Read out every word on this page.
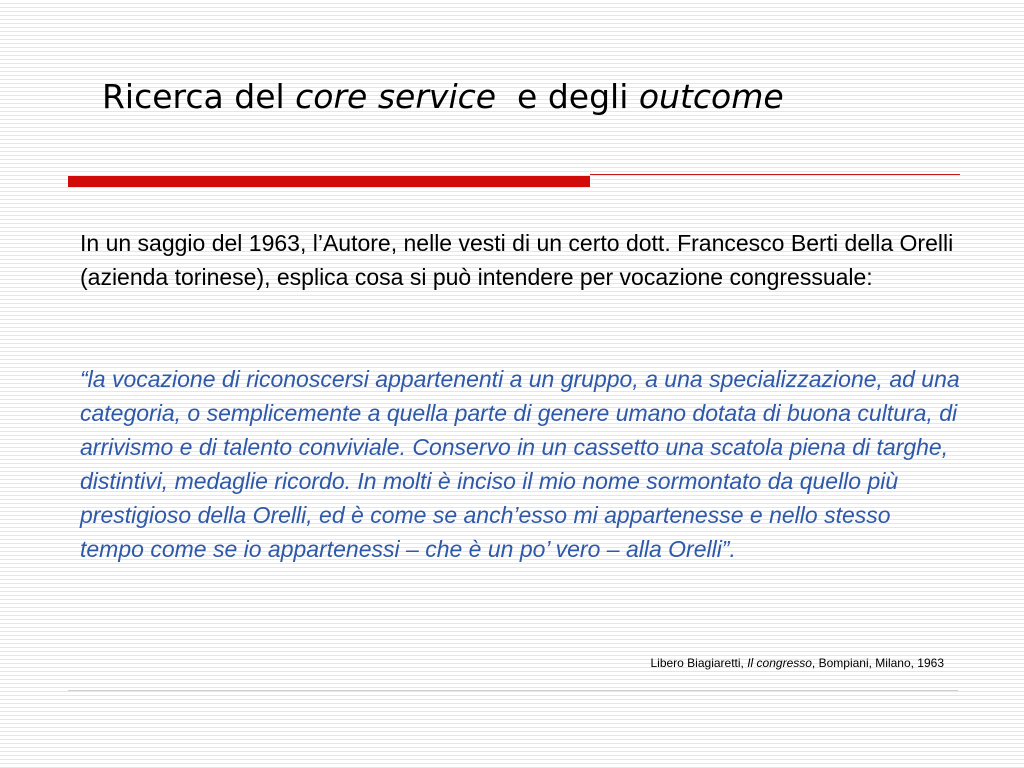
Ricerca del core service  e degli outcome

In un saggio del 1963, l’Autore, nelle vesti di un certo dott. Francesco Berti della Orelli (azienda torinese), esplica cosa si può intendere per vocazione congressuale:

“la vocazione di riconoscersi appartenenti a un gruppo, a una specializzazione, ad una categoria, o semplicemente a quella parte di genere umano dotata di buona cultura, di arrivismo e di talento conviviale. Conservo in un cassetto una scatola piena di targhe, distintivi, medaglie ricordo. In molti è inciso il mio nome sormontato da quello più prestigioso della Orelli, ed è come se anch’esso mi appartenesse e nello stesso tempo come se io appartenessi – che è un po’ vero – alla Orelli”.

Libero Biagiaretti, Il congresso, Bompiani, Milano, 1963
